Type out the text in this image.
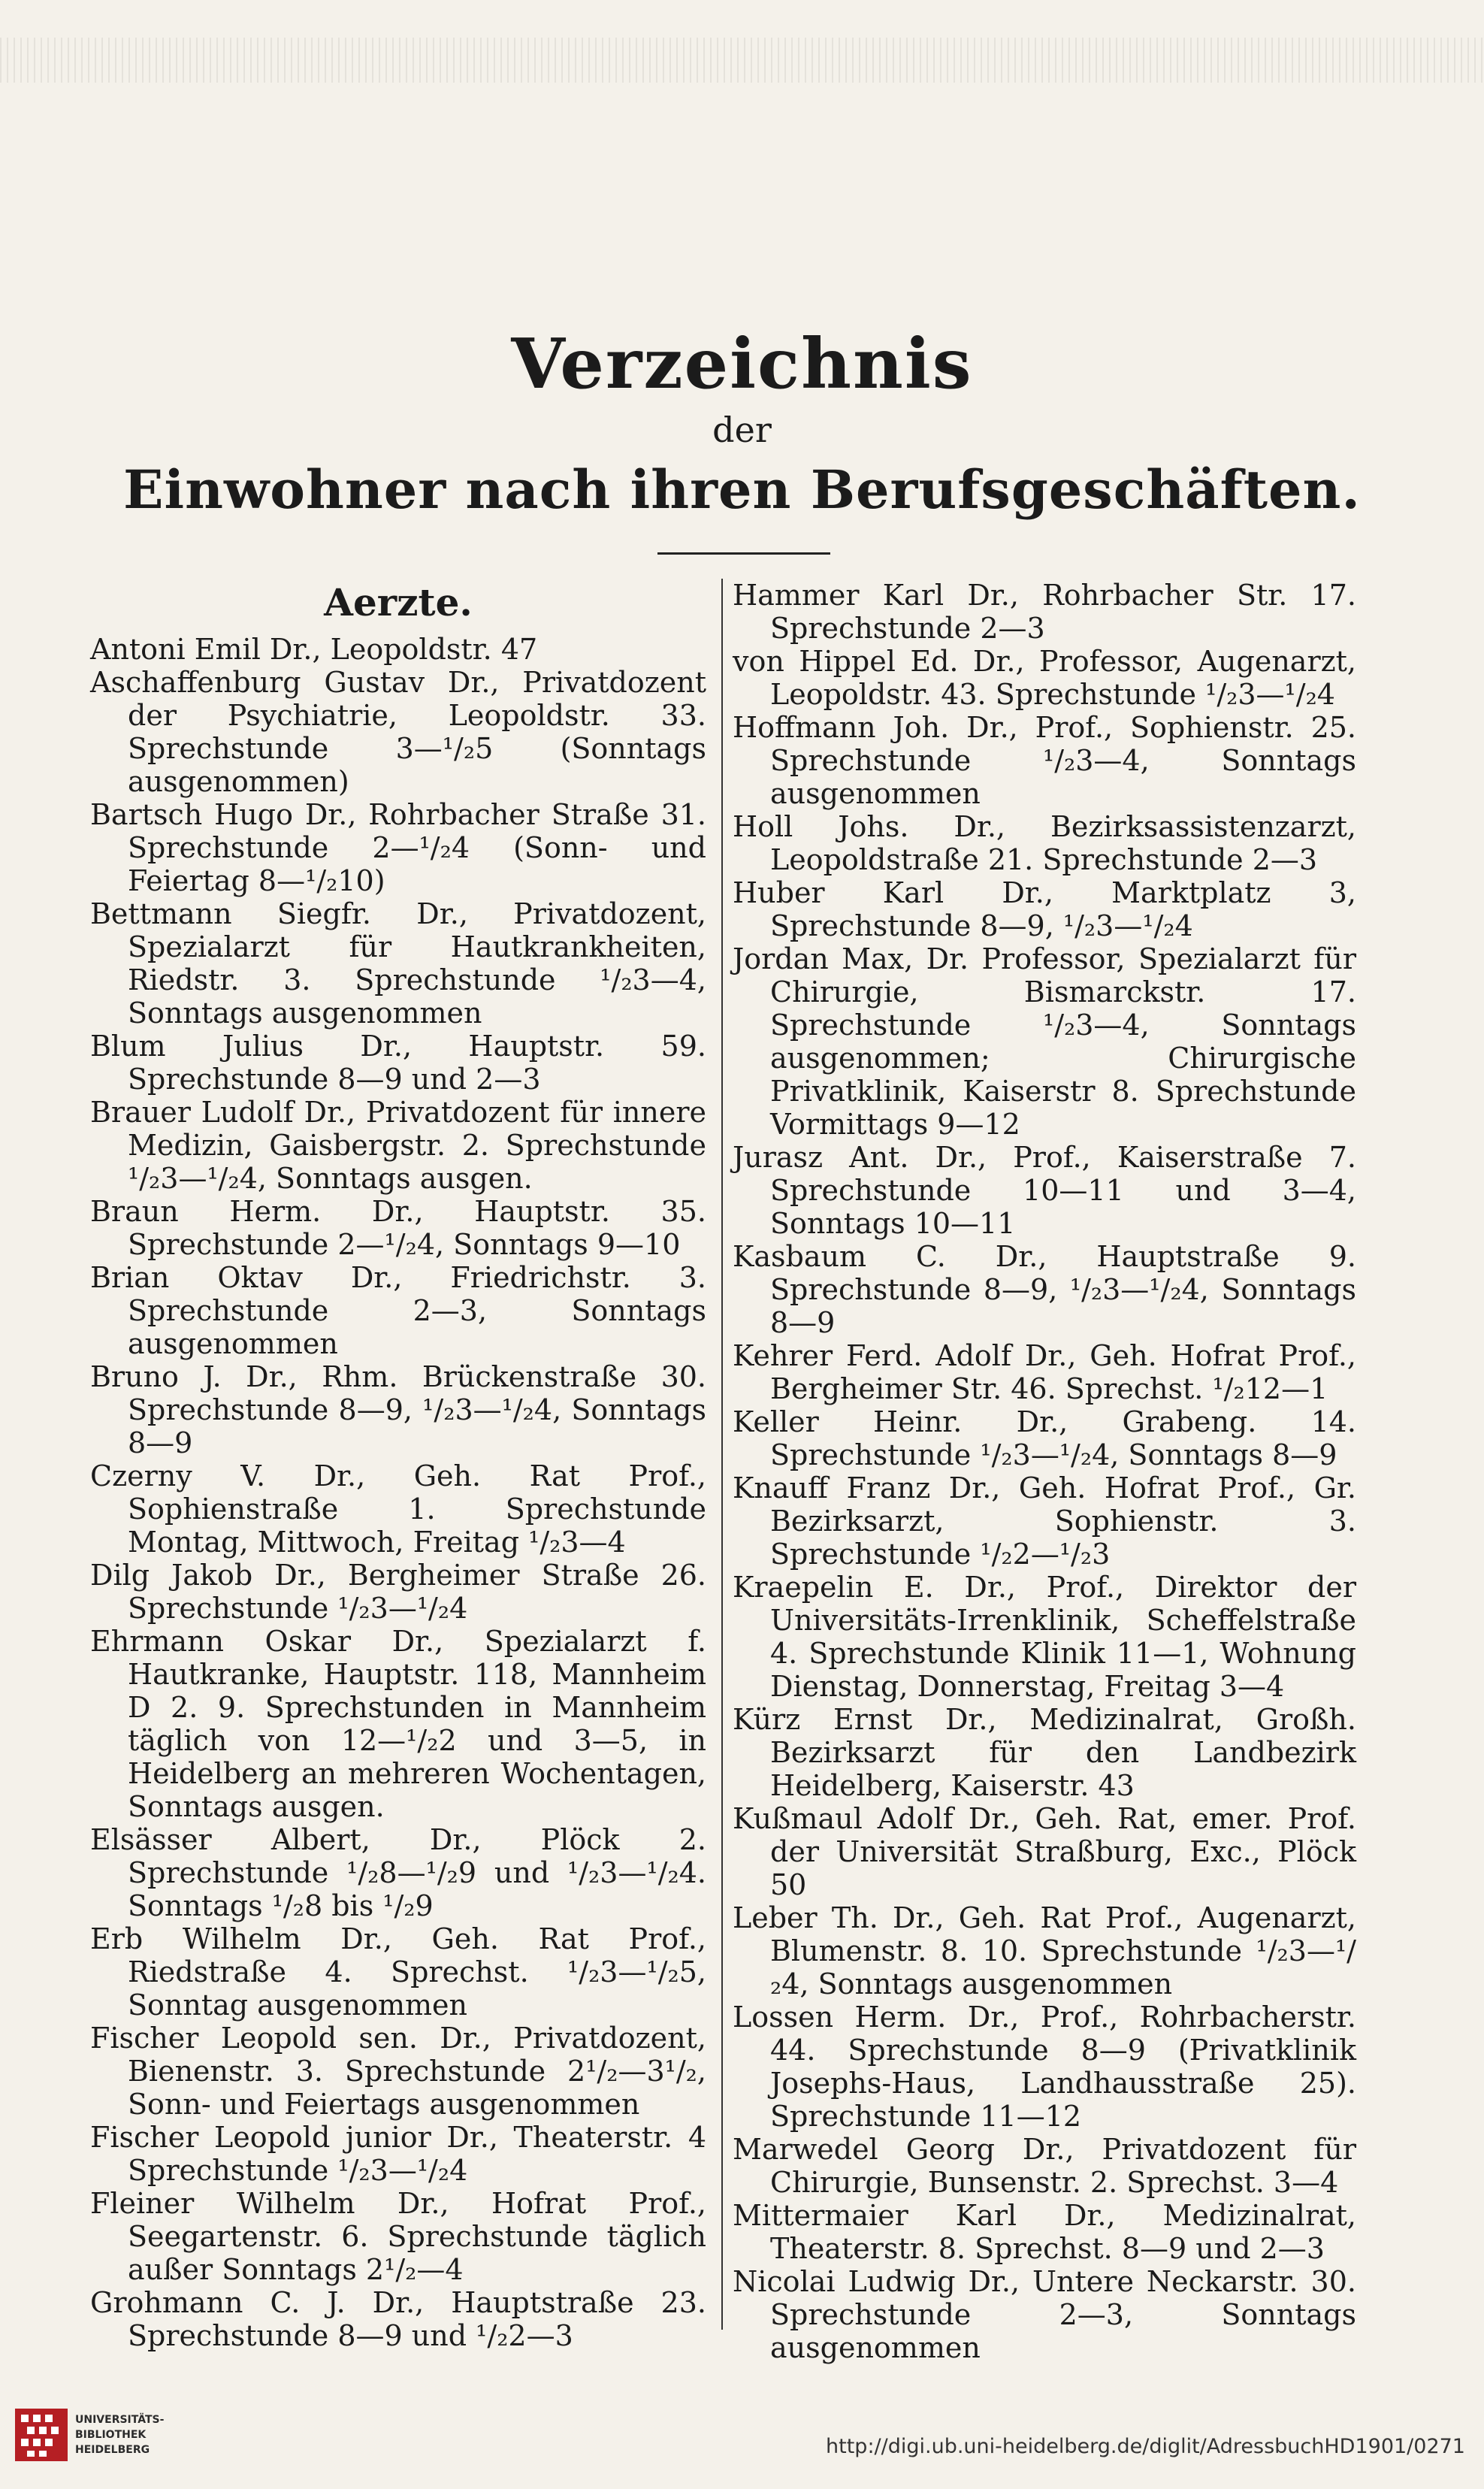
Verzeichnis
der
Einwohner nach ihren Berufsgeschäften.
Aerzte.

Antoni Emil Dr., Leopoldstr. 47

Aschaffenburg Gustav Dr., Privatdozent der Psychiatrie, Leopoldstr. 33. Sprechstunde 3—¹/₂5 (Sonntags ausgenommen)

Bartsch Hugo Dr., Rohrbacher Straße 31. Sprechstunde 2—¹/₂4 (Sonn- und Feiertag 8—¹/₂10)

Bettmann Siegfr. Dr., Privatdozent, Spezialarzt für Hautkrankheiten, Riedstr. 3. Sprechstunde ¹/₂3—4, Sonntags ausgenommen

Blum Julius Dr., Hauptstr. 59. Sprechstunde 8—9 und 2—3

Brauer Ludolf Dr., Privatdozent für innere Medizin, Gaisbergstr. 2. Sprechstunde ¹/₂3—¹/₂4, Sonntags ausgen.

Braun Herm. Dr., Hauptstr. 35. Sprechstunde 2—¹/₂4, Sonntags 9—10

Brian Oktav Dr., Friedrichstr. 3. Sprechstunde 2—3, Sonntags ausgenommen

Bruno J. Dr., Rhm. Brückenstraße 30. Sprechstunde 8—9, ¹/₂3—¹/₂4, Sonntags 8—9

Czerny V. Dr., Geh. Rat Prof., Sophienstraße 1. Sprechstunde Montag, Mittwoch, Freitag ¹/₂3—4

Dilg Jakob Dr., Bergheimer Straße 26. Sprechstunde ¹/₂3—¹/₂4

Ehrmann Oskar Dr., Spezialarzt f. Hautkranke, Hauptstr. 118, Mannheim D 2. 9. Sprechstunden in Mannheim täglich von 12—¹/₂2 und 3—5, in Heidelberg an mehreren Wochentagen, Sonntags ausgen.

Elsässer Albert, Dr., Plöck 2. Sprechstunde ¹/₂8—¹/₂9 und ¹/₂3—¹/₂4. Sonntags ¹/₂8 bis ¹/₂9

Erb Wilhelm Dr., Geh. Rat Prof., Riedstraße 4. Sprechst. ¹/₂3—¹/₂5, Sonntag ausgenommen

Fischer Leopold sen. Dr., Privatdozent, Bienenstr. 3. Sprechstunde 2¹/₂—3¹/₂, Sonn- und Feiertags ausgenommen

Fischer Leopold junior Dr., Theaterstr. 4 Sprechstunde ¹/₂3—¹/₂4

Fleiner Wilhelm Dr., Hofrat Prof., Seegartenstr. 6. Sprechstunde täglich außer Sonntags 2¹/₂—4

Grohmann C. J. Dr., Hauptstraße 23. Sprechstunde 8—9 und ¹/₂2—3

Hammer Karl Dr., Rohrbacher Str. 17. Sprechstunde 2—3

von Hippel Ed. Dr., Professor, Augenarzt, Leopoldstr. 43. Sprechstunde ¹/₂3—¹/₂4

Hoffmann Joh. Dr., Prof., Sophienstr. 25. Sprechstunde ¹/₂3—4, Sonntags ausgenommen

Holl Johs. Dr., Bezirksassistenzarzt, Leopoldstraße 21. Sprechstunde 2—3

Huber Karl Dr., Marktplatz 3, Sprechstunde 8—9, ¹/₂3—¹/₂4

Jordan Max, Dr. Professor, Spezialarzt für Chirurgie, Bismarckstr. 17. Sprechstunde ¹/₂3—4, Sonntags ausgenommen; Chirurgische Privatklinik, Kaiserstr 8. Sprechstunde Vormittags 9—12

Jurasz Ant. Dr., Prof., Kaiserstraße 7. Sprechstunde 10—11 und 3—4, Sonntags 10—11

Kasbaum C. Dr., Hauptstraße 9. Sprechstunde 8—9, ¹/₂3—¹/₂4, Sonntags 8—9

Kehrer Ferd. Adolf Dr., Geh. Hofrat Prof., Bergheimer Str. 46. Sprechst. ¹/₂12—1

Keller Heinr. Dr., Grabeng. 14. Sprechstunde ¹/₂3—¹/₂4, Sonntags 8—9

Knauff Franz Dr., Geh. Hofrat Prof., Gr. Bezirksarzt, Sophienstr. 3. Sprechstunde ¹/₂2—¹/₂3

Kraepelin E. Dr., Prof., Direktor der Universitäts-Irrenklinik, Scheffelstraße 4. Sprechstunde Klinik 11—1, Wohnung Dienstag, Donnerstag, Freitag 3—4

Kürz Ernst Dr., Medizinalrat, Großh. Bezirksarzt für den Landbezirk Heidelberg, Kaiserstr. 43

Kußmaul Adolf Dr., Geh. Rat, emer. Prof. der Universität Straßburg, Exc., Plöck 50

Leber Th. Dr., Geh. Rat Prof., Augenarzt, Blumenstr. 8. 10. Sprechstunde ¹/₂3—¹/₂4, Sonntags ausgenommen

Lossen Herm. Dr., Prof., Rohrbacherstr. 44. Sprechstunde 8—9 (Privatklinik Josephs-Haus, Landhausstraße 25). Sprechstunde 11—12

Marwedel Georg Dr., Privatdozent für Chirurgie, Bunsenstr. 2. Sprechst. 3—4

Mittermaier Karl Dr., Medizinalrat, Theaterstr. 8. Sprechst. 8—9 und 2—3

Nicolai Ludwig Dr., Untere Neckarstr. 30. Sprechstunde 2—3, Sonntags ausgenommen

UNIVERSITÄTS-
BIBLIOTHEK
HEIDELBERG	http://digi.ub.uni-heidelberg.de/diglit/AdressbuchHD1901/0271
